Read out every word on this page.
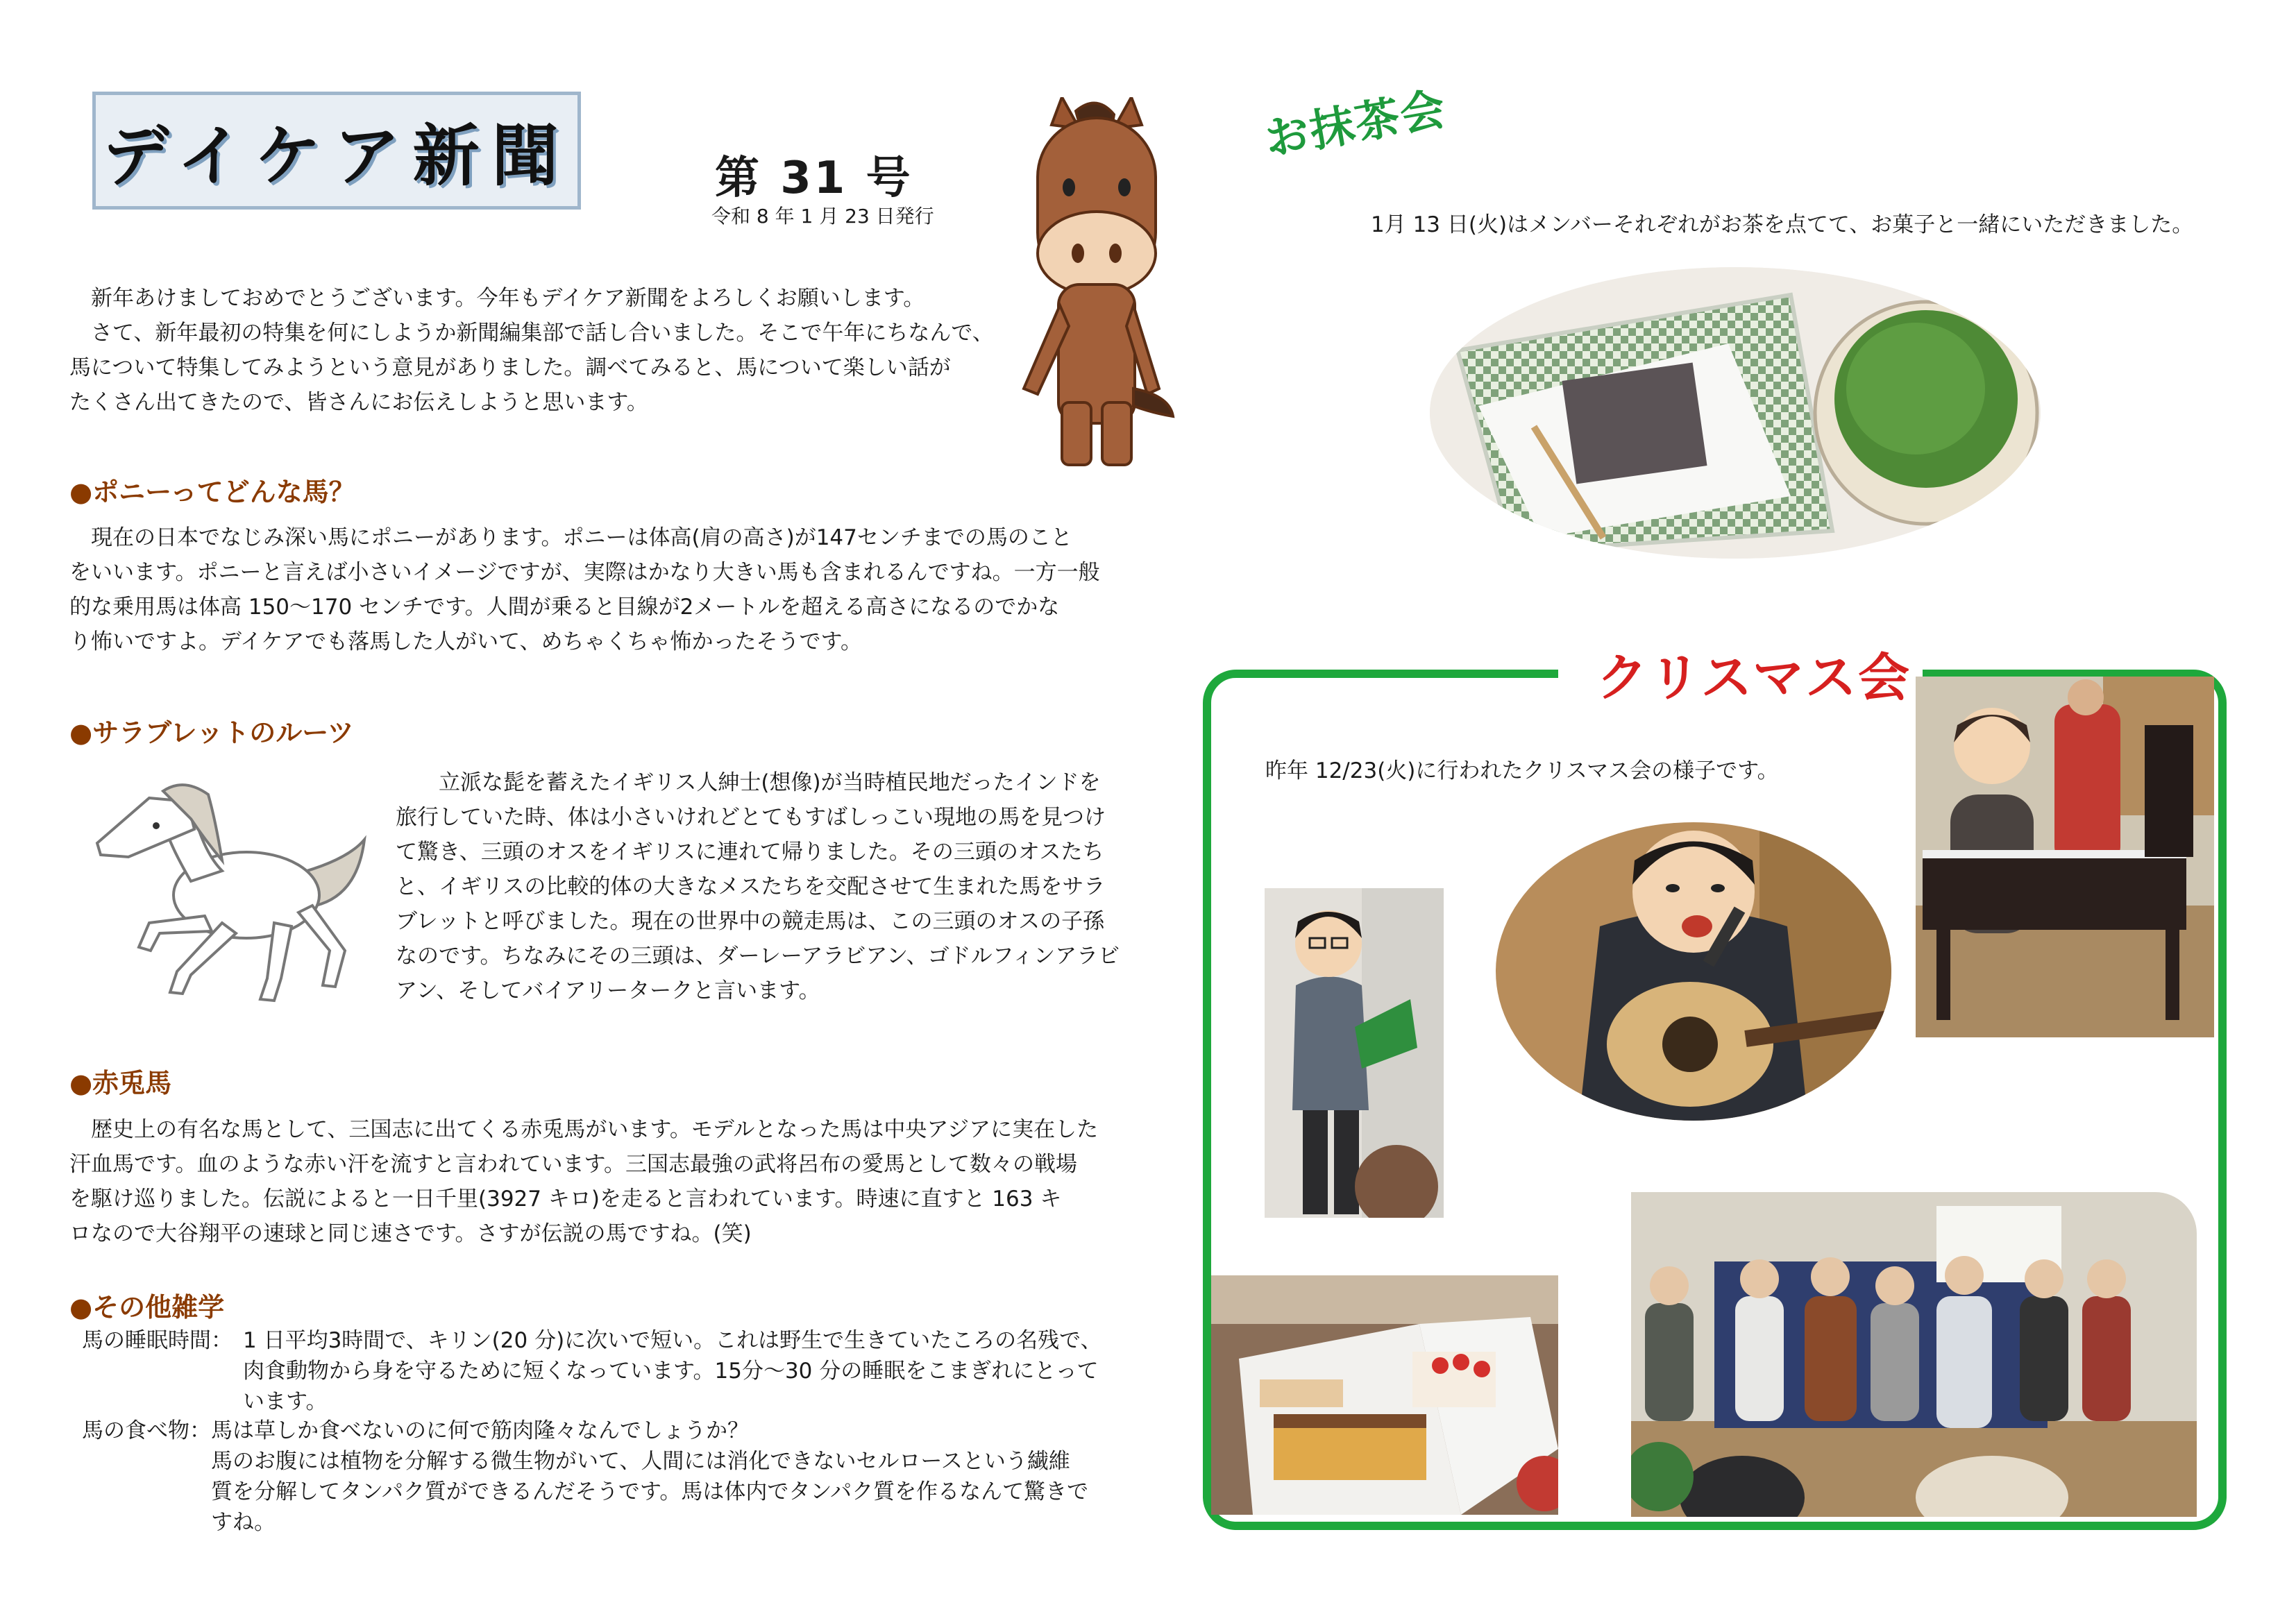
デイケア新聞	第 31 号
令和 8 年 1 月 23 日発行

　新年あけましておめでとうございます。今年もデイケア新聞をよろしくお願いします。

　さて、新年最初の特集を何にしようか新聞編集部で話し合いました。そこで午年にちなんで、

馬について特集してみようという意見がありました。調べてみると、馬について楽しい話が

たくさん出てきたので、皆さんにお伝えしようと思います。

●ポニーってどんな馬？
　現在の日本でなじみ深い馬にポニーがあります。ポニーは体高(肩の高さ)が147センチまでの馬のこと
をいいます。ポニーと言えば小さいイメージですが、実際はかなり大きい馬も含まれるんですね。一方一般
的な乗用馬は体高 150～170 センチです。人間が乗ると目線が2メートルを超える高さになるのでかな
り怖いですよ。デイケアでも落馬した人がいて、めちゃくちゃ怖かったそうです。
●サラブレットのルーツ
　　立派な髭を蓄えたイギリス人紳士(想像)が当時植民地だったインドを
旅行していた時、体は小さいけれどとてもすばしっこい現地の馬を見つけ
て驚き、三頭のオスをイギリスに連れて帰りました。その三頭のオスたち
と、イギリスの比較的体の大きなメスたちを交配させて生まれた馬をサラ
ブレットと呼びました。現在の世界中の競走馬は、この三頭のオスの子孫
なのです。ちなみにその三頭は、ダーレーアラビアン、ゴドルフィンアラビ
アン、そしてバイアリータークと言います。
●赤兎馬
　歴史上の有名な馬として、三国志に出てくる赤兎馬がいます。モデルとなった馬は中央アジアに実在した
汗血馬です。血のような赤い汗を流すと言われています。三国志最強の武将呂布の愛馬として数々の戦場
を駆け巡りました。伝説によると一日千里(3927 キロ)を走ると言われています。時速に直すと 163 キ
ロなので大谷翔平の速球と同じ速さです。さすが伝説の馬ですね。(笑)
●その他雑学
馬の睡眠時間： 1 日平均3時間で、キリン(20 分)に次いで短い。これは野生で生きていたころの名残で、
肉食動物から身を守るために短くなっています。15分～30 分の睡眠をこまぎれにとって
います。
馬の食べ物： 馬は草しか食べないのに何で筋肉隆々なんでしょうか？
馬のお腹には植物を分解する微生物がいて、人間には消化できないセルロースという繊維
質を分解してタンパク質ができるんだそうです。馬は体内でタンパク質を作るなんて驚きで
すね。
お抹茶会
1月 13 日(火)はメンバーそれぞれがお茶を点てて、お菓子と一緒にいただきました。
クリスマス会
昨年 12/23(火)に行われたクリスマス会の様子です。
